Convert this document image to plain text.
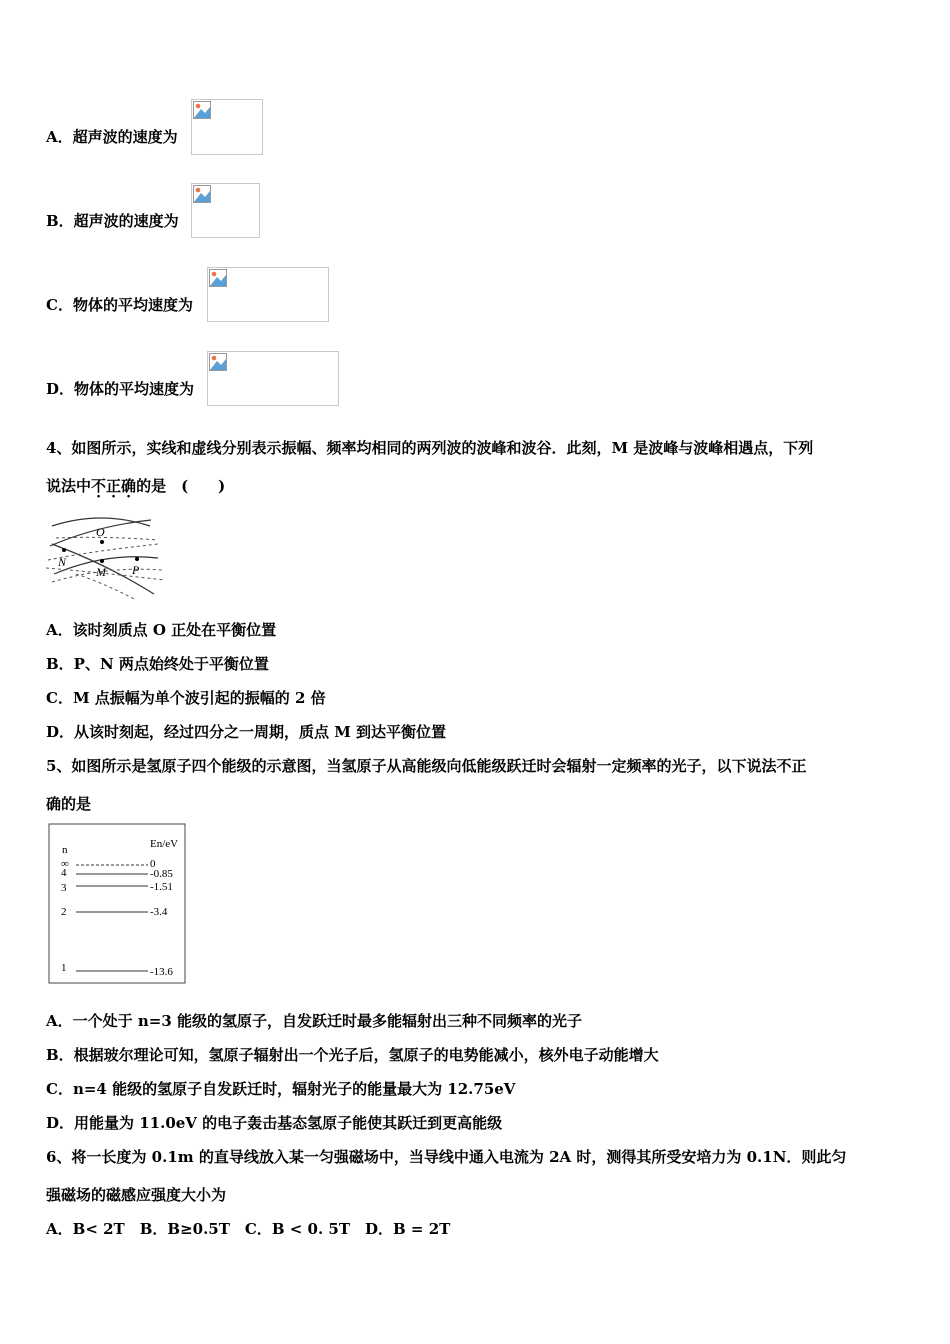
A．超声波的速度为
B．超声波的速度为
C．物体的平均速度为
D．物体的平均速度为
4、如图所示，实线和虚线分别表示振幅、频率均相同的两列波的波峰和波谷．此刻，M 是波峰与波峰相遇点，下列
说法中不正确的是　(　　)
O
N
M P
A．该时刻质点 O 正处在平衡位置
B．P、N 两点始终处于平衡位置
C．M 点振幅为单个波引起的振幅的 2 倍
D．从该时刻起，经过四分之一周期，质点 M 到达平衡位置
5、如图所示是氢原子四个能级的示意图，当氢原子从高能级向低能级跃迁时会辐射一定频率的光子，以下说法不正
确的是
n	En/eV
∞	0
4	-0.85
3	-1.51
2	-3.4
1	-13.6
A．一个处于 n=3 能级的氢原子，自发跃迁时最多能辐射出三种不同频率的光子
B．根据玻尔理论可知，氢原子辐射出一个光子后，氢原子的电势能减小，核外电子动能增大
C．n=4 能级的氢原子自发跃迁时，辐射光子的能量最大为 12.75eV
D．用能量为 11.0eV 的电子轰击基态氢原子能使其跃迁到更高能级
6、将一长度为 0.1m 的直导线放入某一匀强磁场中，当导线中通入电流为 2A 时，测得其所受安培力为 0.1N．则此匀
强磁场的磁感应强度大小为
A．B< 2T　B．B≥0.5T　C．B < 0. 5T　D．B = 2T
